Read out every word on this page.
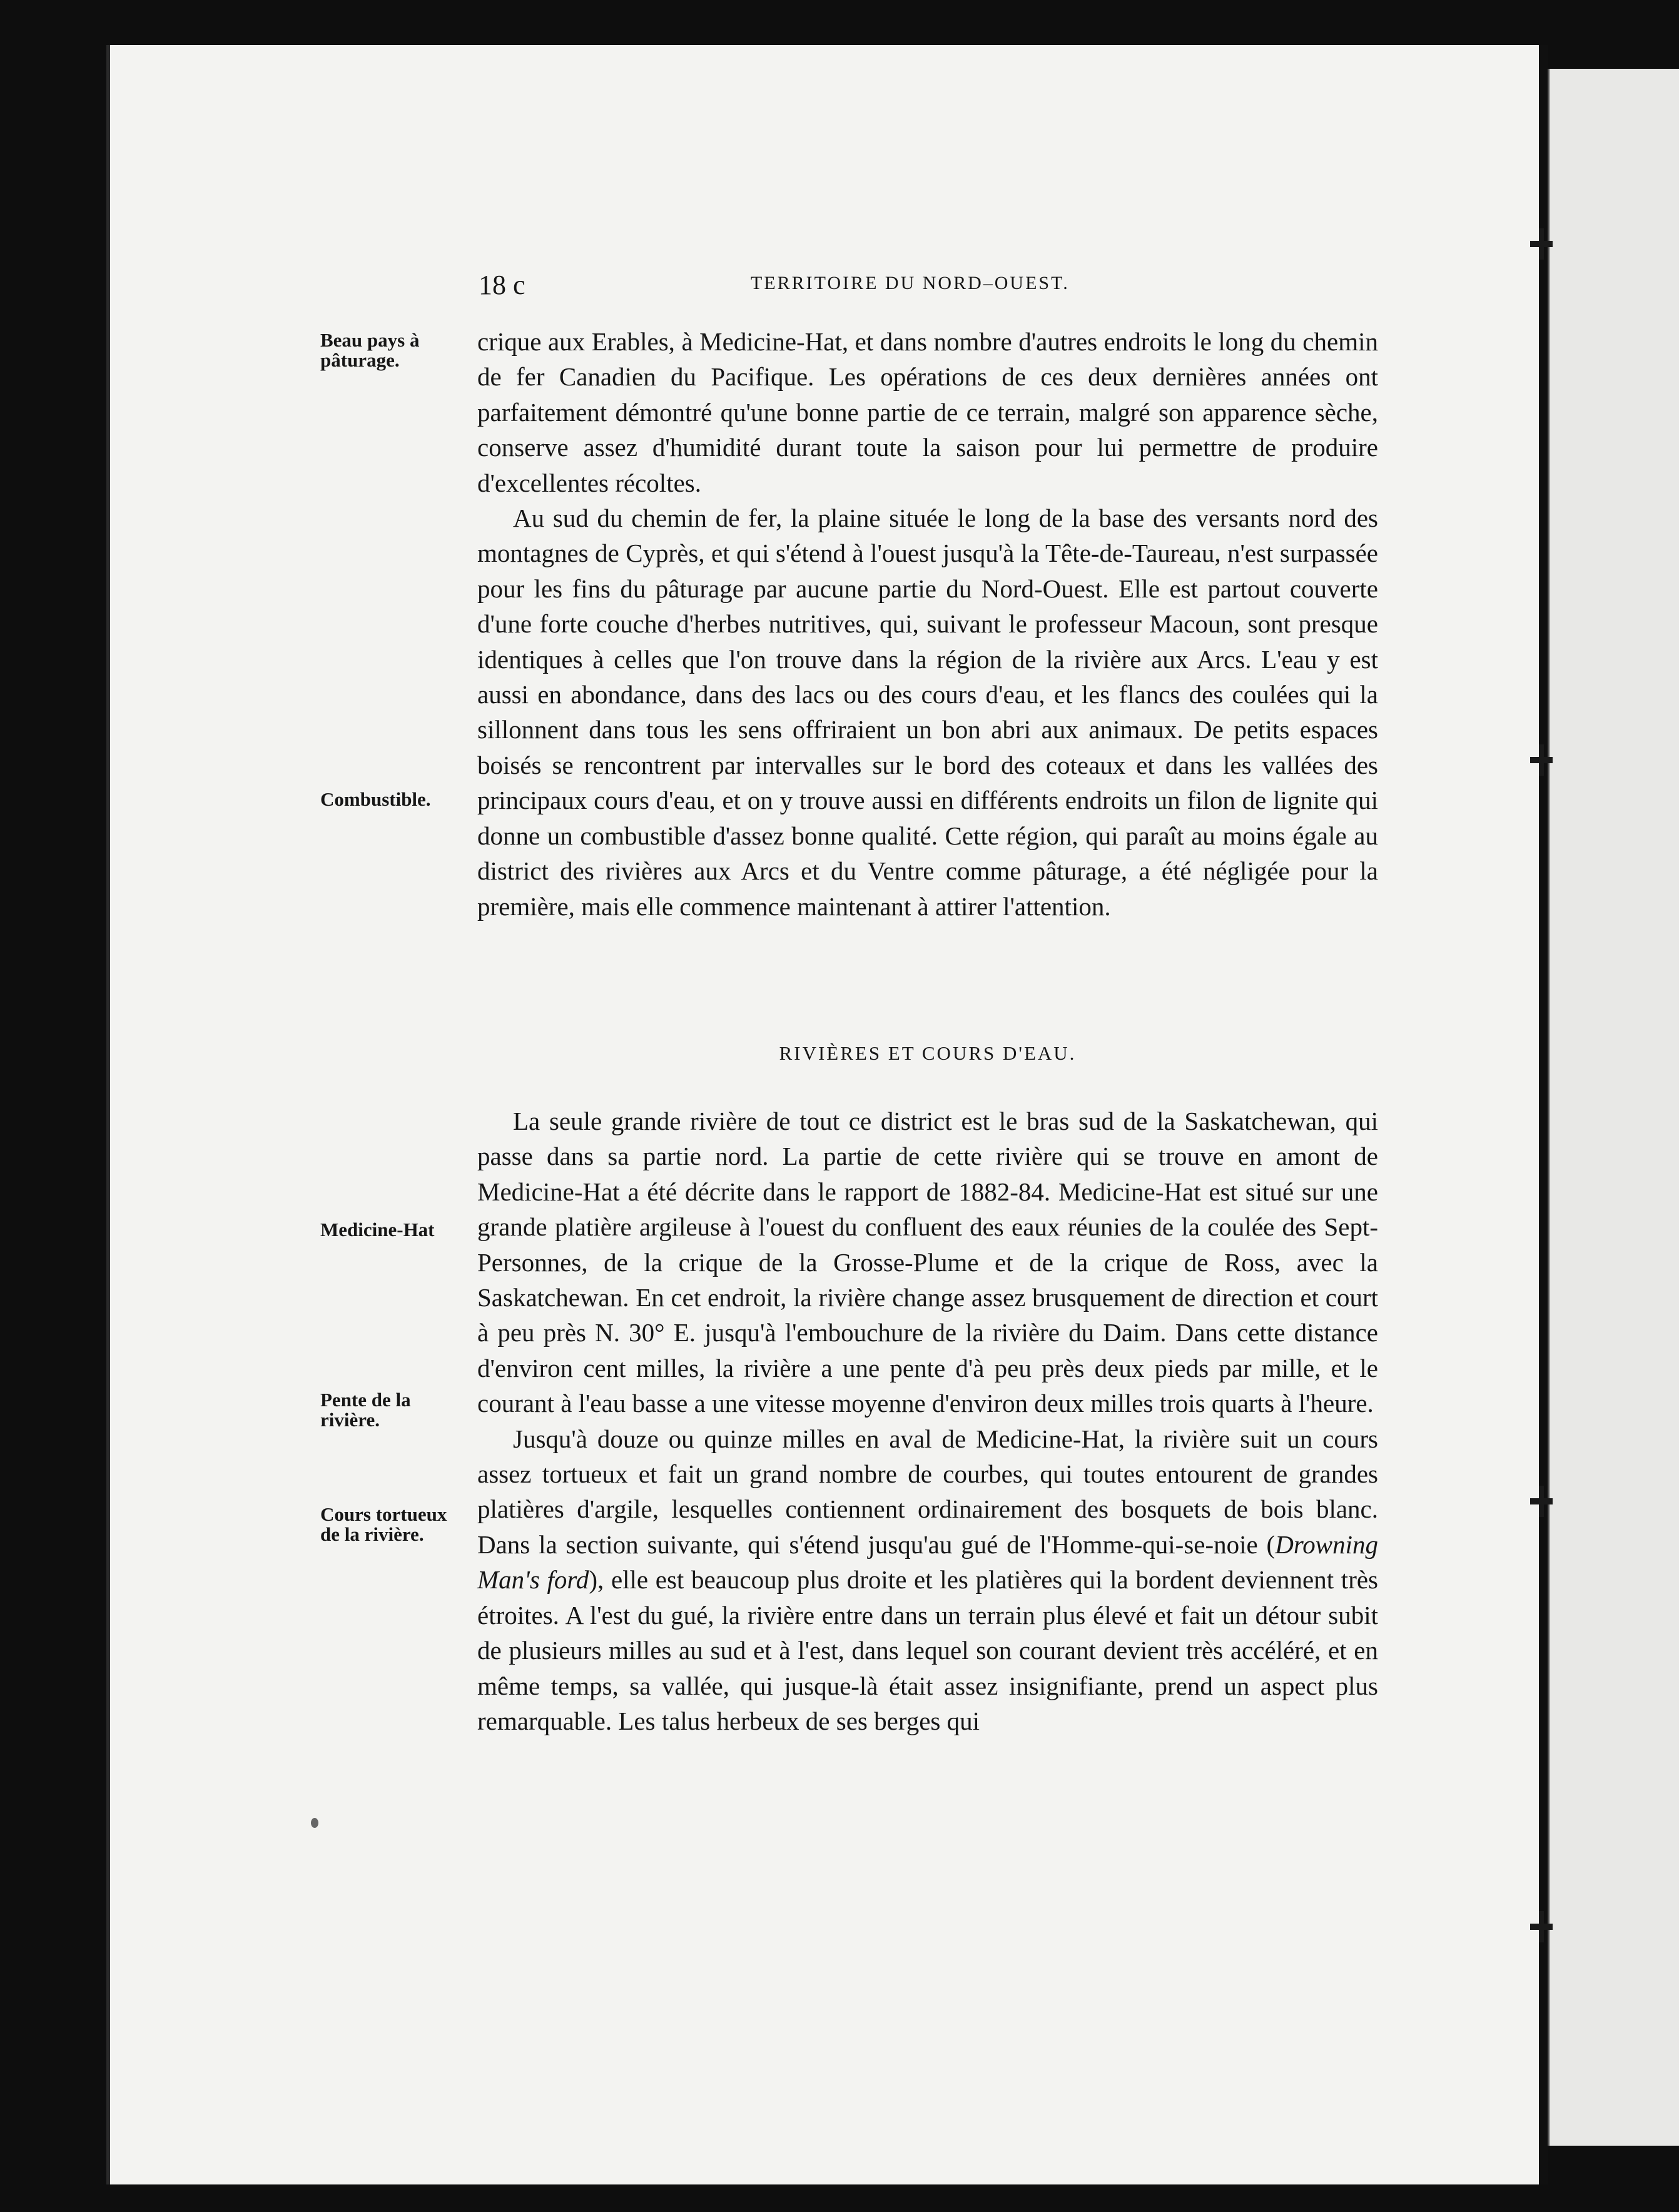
18 c	TERRITOIRE DU NORD–OUEST.
Beau pays à pâturage.
Combustible.
Medicine-Hat
Pente de la rivière.
Cours tortueux de la rivière.

crique aux Erables, à Medicine-Hat, et dans nombre d'autres endroits le long du chemin de fer Canadien du Pacifique. Les opérations de ces deux dernières années ont parfaitement démontré qu'une bonne partie de ce terrain, malgré son apparence sèche, conserve assez d'humidité durant toute la saison pour lui permettre de produire d'excellentes récoltes.

Au sud du chemin de fer, la plaine située le long de la base des versants nord des montagnes de Cyprès, et qui s'étend à l'ouest jusqu'à la Tête-de-Taureau, n'est surpassée pour les fins du pâturage par aucune partie du Nord-Ouest. Elle est partout couverte d'une forte couche d'herbes nutritives, qui, suivant le professeur Macoun, sont presque identiques à celles que l'on trouve dans la région de la rivière aux Arcs. L'eau y est aussi en abondance, dans des lacs ou des cours d'eau, et les flancs des coulées qui la sillonnent dans tous les sens offriraient un bon abri aux animaux. De petits espaces boisés se rencontrent par intervalles sur le bord des coteaux et dans les vallées des principaux cours d'eau, et on y trouve aussi en différents endroits un filon de lignite qui donne un combustible d'assez bonne qualité. Cette région, qui paraît au moins égale au district des rivières aux Arcs et du Ventre comme pâturage, a été négligée pour la première, mais elle commence maintenant à attirer l'attention.

RIVIÈRES ET COURS D'EAU.

La seule grande rivière de tout ce district est le bras sud de la Saskatchewan, qui passe dans sa partie nord. La partie de cette rivière qui se trouve en amont de Medicine-Hat a été décrite dans le rapport de 1882-84. Medicine-Hat est situé sur une grande platière argileuse à l'ouest du confluent des eaux réunies de la coulée des Sept-Personnes, de la crique de la Grosse-Plume et de la crique de Ross, avec la Saskatchewan. En cet endroit, la rivière change assez brusquement de direction et court à peu près N. 30° E. jusqu'à l'embouchure de la rivière du Daim. Dans cette distance d'environ cent milles, la rivière a une pente d'à peu près deux pieds par mille, et le courant à l'eau basse a une vitesse moyenne d'environ deux milles trois quarts à l'heure.

Jusqu'à douze ou quinze milles en aval de Medicine-Hat, la rivière suit un cours assez tortueux et fait un grand nombre de courbes, qui toutes entourent de grandes platières d'argile, lesquelles contiennent ordinairement des bosquets de bois blanc. Dans la section suivante, qui s'étend jusqu'au gué de l'Homme-qui-se-noie (Drowning Man's ford), elle est beaucoup plus droite et les platières qui la bordent deviennent très étroites. A l'est du gué, la rivière entre dans un terrain plus élevé et fait un détour subit de plusieurs milles au sud et à l'est, dans lequel son courant devient très accéléré, et en même temps, sa vallée, qui jusque-là était assez insignifiante, prend un aspect plus remarquable. Les talus herbeux de ses berges qui
